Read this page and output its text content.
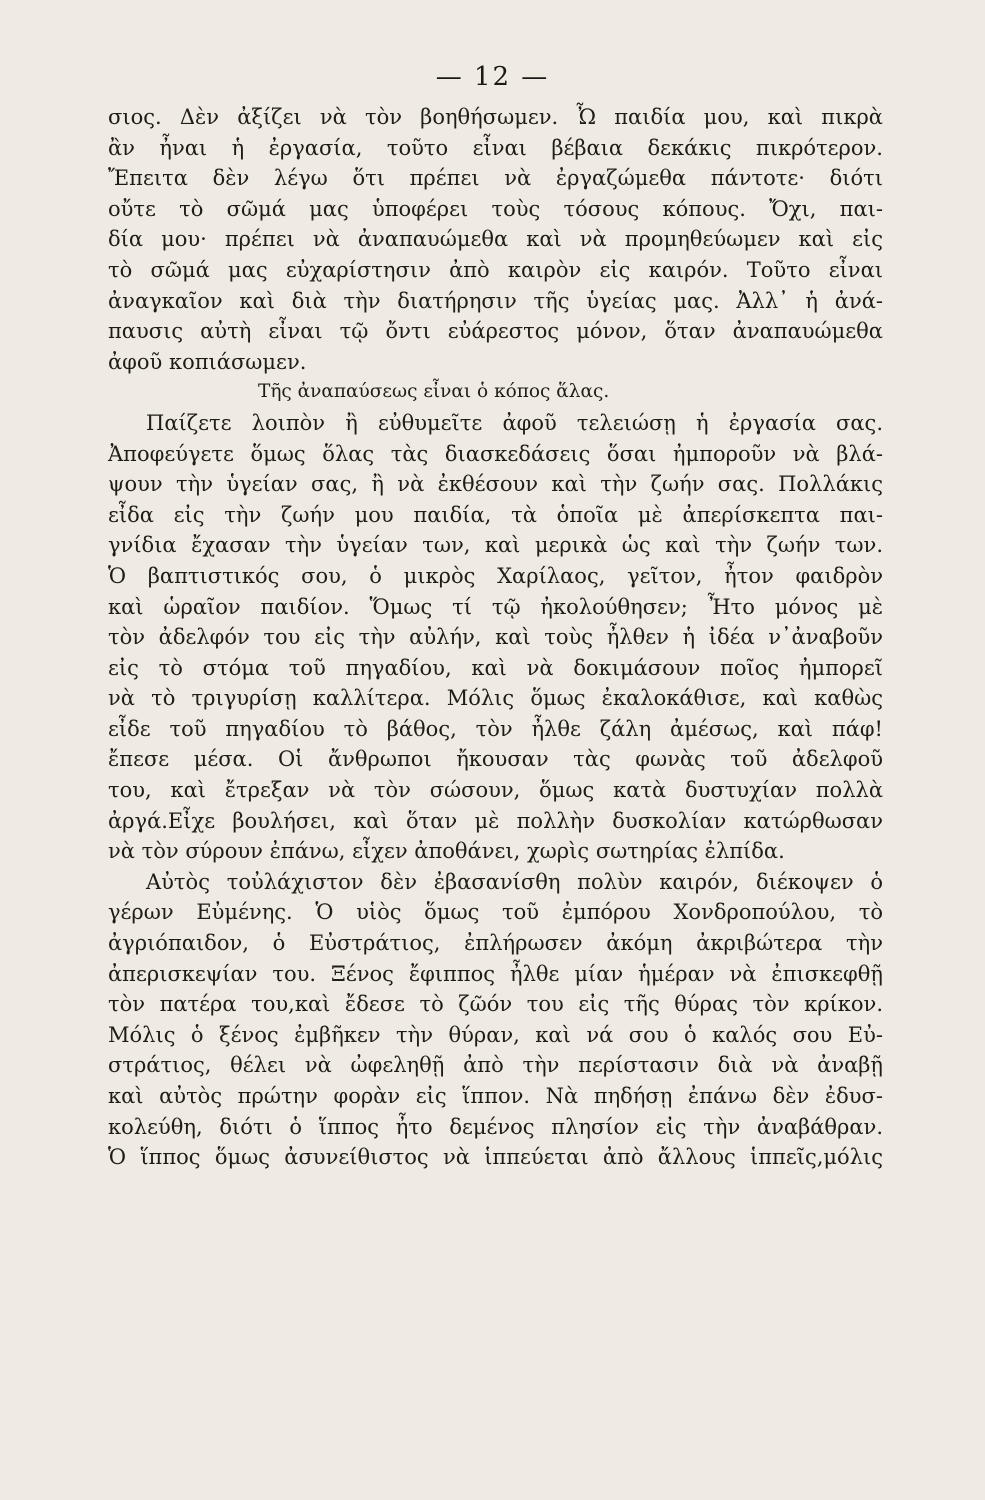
— 12 —
σιος. Δὲν ἀξίζει νὰ τὸν βοηθήσωμεν. Ὦ παιδία μου, καὶ πικρὰ
ἂν ἦναι ἡ ἐργασία, τοῦτο εἶναι βέβαια δεκάκις πικρότερον.
Ἔπειτα δὲν λέγω ὅτι πρέπει νὰ ἐργαζώμεθα πάντοτε· διότι
οὔτε τὸ σῶμά μας ὑποφέρει τοὺς τόσους κόπους. Ὄχι, παι-
δία μου· πρέπει νὰ ἀναπαυώμεθα καὶ νὰ προμηθεύωμεν καὶ εἰς
τὸ σῶμά μας εὐχαρίστησιν ἀπὸ καιρὸν εἰς καιρόν. Τοῦτο εἶναι
ἀναγκαῖον καὶ διὰ τὴν διατήρησιν τῆς ὑγείας μας. Ἀλλ᾽ ἡ ἀνά-
παυσις αὐτὴ εἶναι τῷ ὄντι εὐάρεστος μόνον, ὅταν ἀναπαυώμεθα
ἀφοῦ κοπιάσωμεν.
Τῆς ἀναπαύσεως εἶναι ὁ κόπος ἅλας.
Παίζετε λοιπὸν ἢ εὐθυμεῖτε ἀφοῦ τελειώσῃ ἡ ἐργασία σας.
Ἀποφεύγετε ὅμως ὅλας τὰς διασκεδάσεις ὅσαι ἠμποροῦν νὰ βλά-
ψουν τὴν ὑγείαν σας, ἢ νὰ ἐκθέσουν καὶ τὴν ζωήν σας. Πολλάκις
εἶδα εἰς τὴν ζωήν μου παιδία, τὰ ὁποῖα μὲ ἀπερίσκεπτα παι-
γνίδια ἔχασαν τὴν ὑγείαν των, καὶ μερικὰ ὡς καὶ τὴν ζωήν των.
Ὁ βαπτιστικός σου, ὁ μικρὸς Χαρίλαος, γεῖτον, ἦτον φαιδρὸν
καὶ ὡραῖον παιδίον. Ὅμως τί τῷ ἠκολούθησεν; Ἦτο μόνος μὲ
τὸν ἀδελφόν του εἰς τὴν αὐλήν, καὶ τοὺς ἦλθεν ἡ ἰδέα ν᾽ἀναβοῦν
εἰς τὸ στόμα τοῦ πηγαδίου, καὶ νὰ δοκιμάσουν ποῖος ἠμπορεῖ
νὰ τὸ τριγυρίσῃ καλλίτερα. Μόλις ὅμως ἐκαλοκάθισε, καὶ καθὼς
εἶδε τοῦ πηγαδίου τὸ βάθος, τὸν ἦλθε ζάλη ἀμέσως, καὶ πάφ!
ἔπεσε μέσα. Οἱ ἄνθρωποι ἤκουσαν τὰς φωνὰς τοῦ ἀδελφοῦ
του, καὶ ἔτρεξαν νὰ τὸν σώσουν, ὅμως κατὰ δυστυχίαν πολλὰ
ἀργά.Εἶχε βουλήσει, καὶ ὅταν μὲ πολλὴν δυσκολίαν κατώρθωσαν
νὰ τὸν σύρουν ἐπάνω, εἶχεν ἀποθάνει, χωρὶς σωτηρίας ἐλπίδα.
Αὐτὸς τοὐλάχιστον δὲν ἐβασανίσθη πολὺν καιρόν, διέκοψεν ὁ
γέρων Εὐμένης. Ὁ υἱὸς ὅμως τοῦ ἐμπόρου Χονδροπούλου, τὸ
ἀγριόπαιδον, ὁ Εὐστράτιος, ἐπλήρωσεν ἀκόμη ἀκριβώτερα τὴν
ἀπερισκεψίαν του. Ξένος ἔφιππος ἦλθε μίαν ἡμέραν νὰ ἐπισκεφθῇ
τὸν πατέρα του,καὶ ἔδεσε τὸ ζῶόν του εἰς τῆς θύρας τὸν κρίκον.
Μόλις ὁ ξένος ἐμβῆκεν τὴν θύραν, καὶ νά σου ὁ καλός σου Εὐ-
στράτιος, θέλει νὰ ὠφεληθῇ ἀπὸ τὴν περίστασιν διὰ νὰ ἀναβῇ
καὶ αὐτὸς πρώτην φορὰν εἰς ἵππον. Νὰ πηδήσῃ ἐπάνω δὲν ἐδυσ-
κολεύθη, διότι ὁ ἵππος ἦτο δεμένος πλησίον εἰς τὴν ἀναβάθραν.
Ὁ ἵππος ὅμως ἀσυνείθιστος νὰ ἱππεύεται ἀπὸ ἄλλους ἱππεῖς,μόλις
